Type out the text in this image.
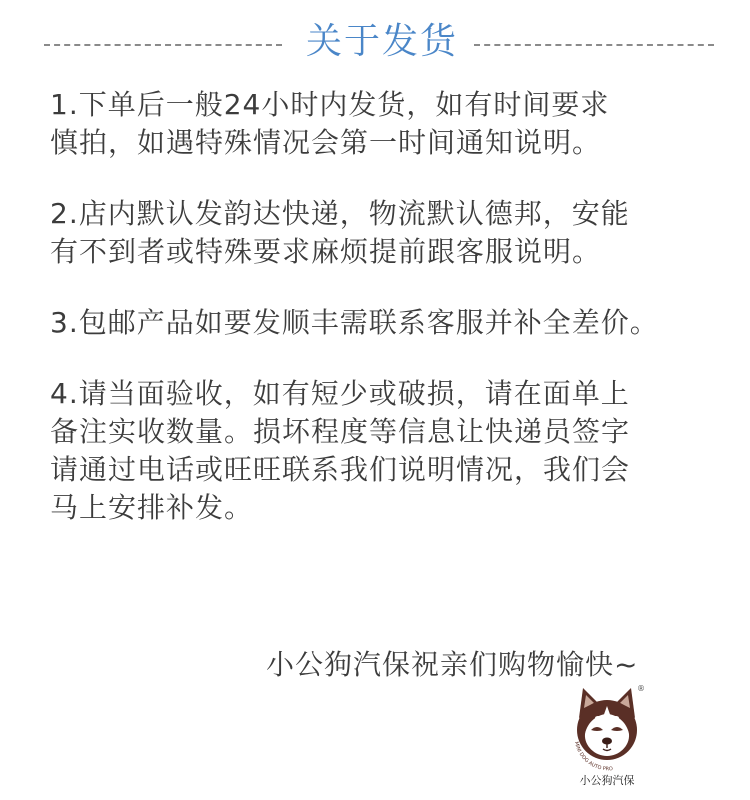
关于发货

1.下单后一般24小时内发货，如有时间要求
慎拍，如遇特殊情况会第一时间通知说明。

2.店内默认发韵达快递，物流默认德邦，安能
有不到者或特殊要求麻烦提前跟客服说明。

3.包邮产品如要发顺丰需联系客服并补全差价。

4.请当面验收，如有短少或破损，请在面单上
备注实收数量。损坏程度等信息让快递员签字
请通过电话或旺旺联系我们说明情况，我们会
马上安排补发。

小公狗汽保祝亲们购物愉快~
MINI DOG AUTO PRO
®
小公狗汽保
